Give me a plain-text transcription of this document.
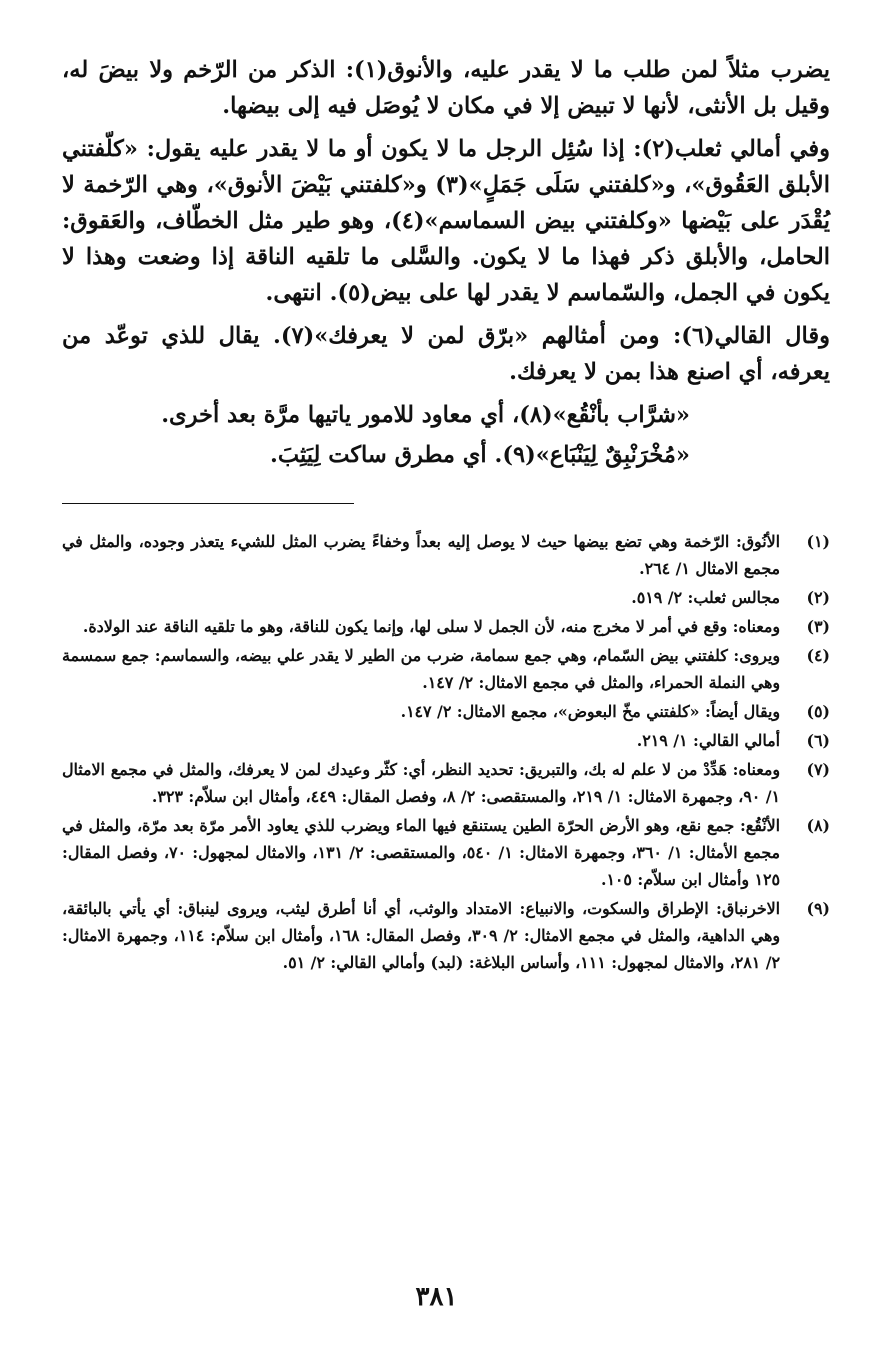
يضرب مثلاً لمن طلب ما لا يقدر عليه، والأنوق(١): الذكر من الرّخم ولا بيضَ له، وقيل بل الأنثى، لأنها لا تبيض إلا في مكان لا يُوصَل فيه إلى بيضها.

وفي أمالي ثعلب(٢): إذا سُئِل الرجل ما لا يكون أو ما لا يقدر عليه يقول: «كلّفتني الأبلق العَقُوق»، و«كلفتني سَلَى جَمَلٍ»(٣) و«كلفتني بَيْضَ الأنوق»، وهي الرّخمة لا يُقْدَر على بَيْضها «وكلفتني بيض السماسم»(٤)، وهو طير مثل الخطّاف، والعَقوق: الحامل، والأبلق ذكر فهذا ما لا يكون. والسَّلى ما تلقيه الناقة إذا وضعت وهذا لا يكون في الجمل، والسّماسم لا يقدر لها على بيض(٥). انتهى.

وقال القالي(٦): ومن أمثالهم «برّق لمن لا يعرفك»(٧). يقال للذي توعّد من يعرفه، أي اصنع هذا بمن لا يعرفك.

«شرَّاب بأنْقُع»(٨)، أي معاود للامور ياتيها مرَّة بعد أخرى.

«مُخْرَنْبِقٌ لِيَنْبَاع»(٩). أي مطرق ساكت لِيَثِبَ.

(١)
الأنُوق: الرّخمة وهي تضع بيضها حيث لا يوصل إليه بعداً وخفاءً يضرب المثل للشيء يتعذر وجوده، والمثل في مجمع الامثال ١/ ٢٦٤.
(٢)
مجالس ثعلب: ٢/ ٥١٩.
(٣)
ومعناه: وقع في أمر لا مخرج منه، لأن الجمل لا سلى لها، وإنما يكون للناقة، وهو ما تلقيه الناقة عند الولادة.
(٤)
ويروى: كلفتني بيض السّمام، وهي جمع سمامة، ضرب من الطير لا يقدر علي بيضه، والسماسم: جمع سمسمة وهي النملة الحمراء، والمثل في مجمع الامثال: ٢/ ١٤٧.
(٥)
ويقال أيضاً: «كلفتني مخّ البعوض»، مجمع الامثال: ٢/ ١٤٧.
(٦)
أمالي القالي: ١/ ٢١٩.
(٧)
ومعناه: هَدِّدْ من لا علم له بك، والتبريق: تحديد النظر، أي: كثّر وعيدك لمن لا يعرفك، والمثل في مجمع الامثال ١/ ٩٠، وجمهرة الامثال: ١/ ٢١٩، والمستقصى: ٢/ ٨، وفصل المقال: ٤٤٩، وأمثال ابن سلاّم: ٣٢٣.
(٨)
الأنْقُع: جمع نقع، وهو الأرض الحرّة الطين يستنقع فيها الماء ويضرب للذي يعاود الأمر مرّة بعد مرّة، والمثل في مجمع الأمثال: ١/ ٣٦٠، وجمهرة الامثال: ١/ ٥٤٠، والمستقصى: ٢/ ١٣١، والامثال لمجهول: ٧٠، وفصل المقال: ١٢٥ وأمثال ابن سلاّم: ١٠٥.
(٩)
الاخرنباق: الإطراق والسكوت، والانبياع: الامتداد والوثب، أي أنا أطرق ليثب، ويروى لينباق: أي يأتي بالبائقة، وهي الداهية، والمثل في مجمع الامثال: ٢/ ٣٠٩، وفصل المقال: ١٦٨، وأمثال ابن سلاّم: ١١٤، وجمهرة الامثال: ٢/ ٢٨١، والامثال لمجهول: ١١١، وأساس البلاغة: (لبد) وأمالي القالي: ٢/ ٥١.
٣٨١
